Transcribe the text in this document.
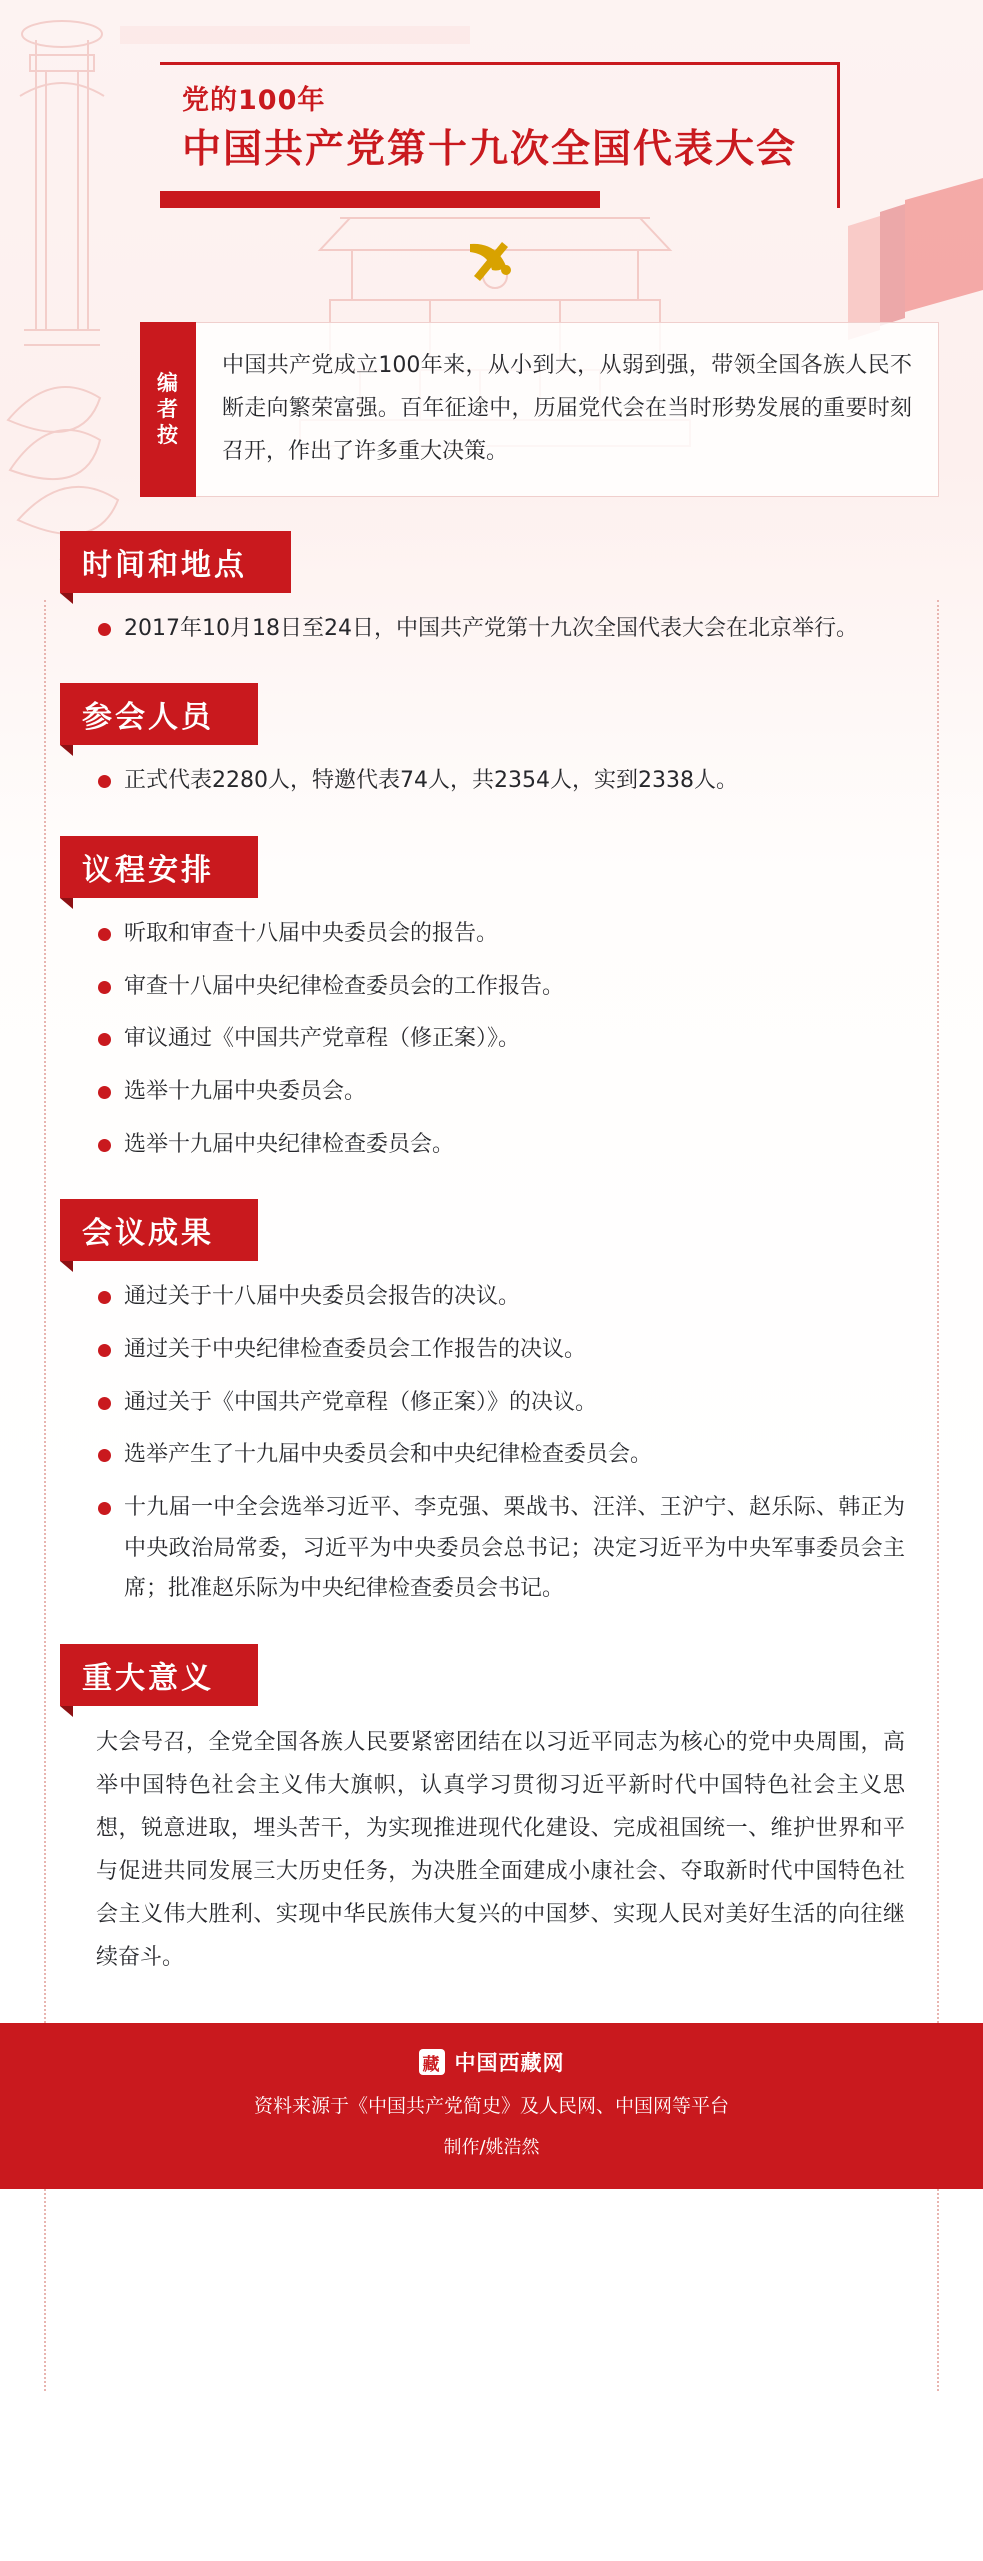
党的100年
中国共产党第十九次全国代表大会
编者按
中国共产党成立100年来，从小到大，从弱到强，带领全国各族人民不断走向繁荣富强。百年征途中，历届党代会在当时形势发展的重要时刻召开，作出了许多重大决策。
时间和地点
2017年10月18日至24日，中国共产党第十九次全国代表大会在北京举行。
参会人员
正式代表2280人，特邀代表74人，共2354人，实到2338人。
议程安排
听取和审查十八届中央委员会的报告。
审查十八届中央纪律检查委员会的工作报告。
审议通过《中国共产党章程（修正案）》。
选举十九届中央委员会。
选举十九届中央纪律检查委员会。
会议成果
通过关于十八届中央委员会报告的决议。
通过关于中央纪律检查委员会工作报告的决议。
通过关于《中国共产党章程（修正案）》的决议。
选举产生了十九届中央委员会和中央纪律检查委员会。
十九届一中全会选举习近平、李克强、栗战书、汪洋、王沪宁、赵乐际、韩正为中央政治局常委，习近平为中央委员会总书记；决定习近平为中央军事委员会主席；批准赵乐际为中央纪律检查委员会书记。
重大意义

大会号召，全党全国各族人民要紧密团结在以习近平同志为核心的党中央周围，高举中国特色社会主义伟大旗帜，认真学习贯彻习近平新时代中国特色社会主义思想，锐意进取，埋头苦干，为实现推进现代化建设、完成祖国统一、维护世界和平与促进共同发展三大历史任务，为决胜全面建成小康社会、夺取新时代中国特色社会主义伟大胜利、实现中华民族伟大复兴的中国梦、实现人民对美好生活的向往继续奋斗。

藏 中国西藏网
资料来源于《中国共产党简史》及人民网、中国网等平台
制作/姚浩然
